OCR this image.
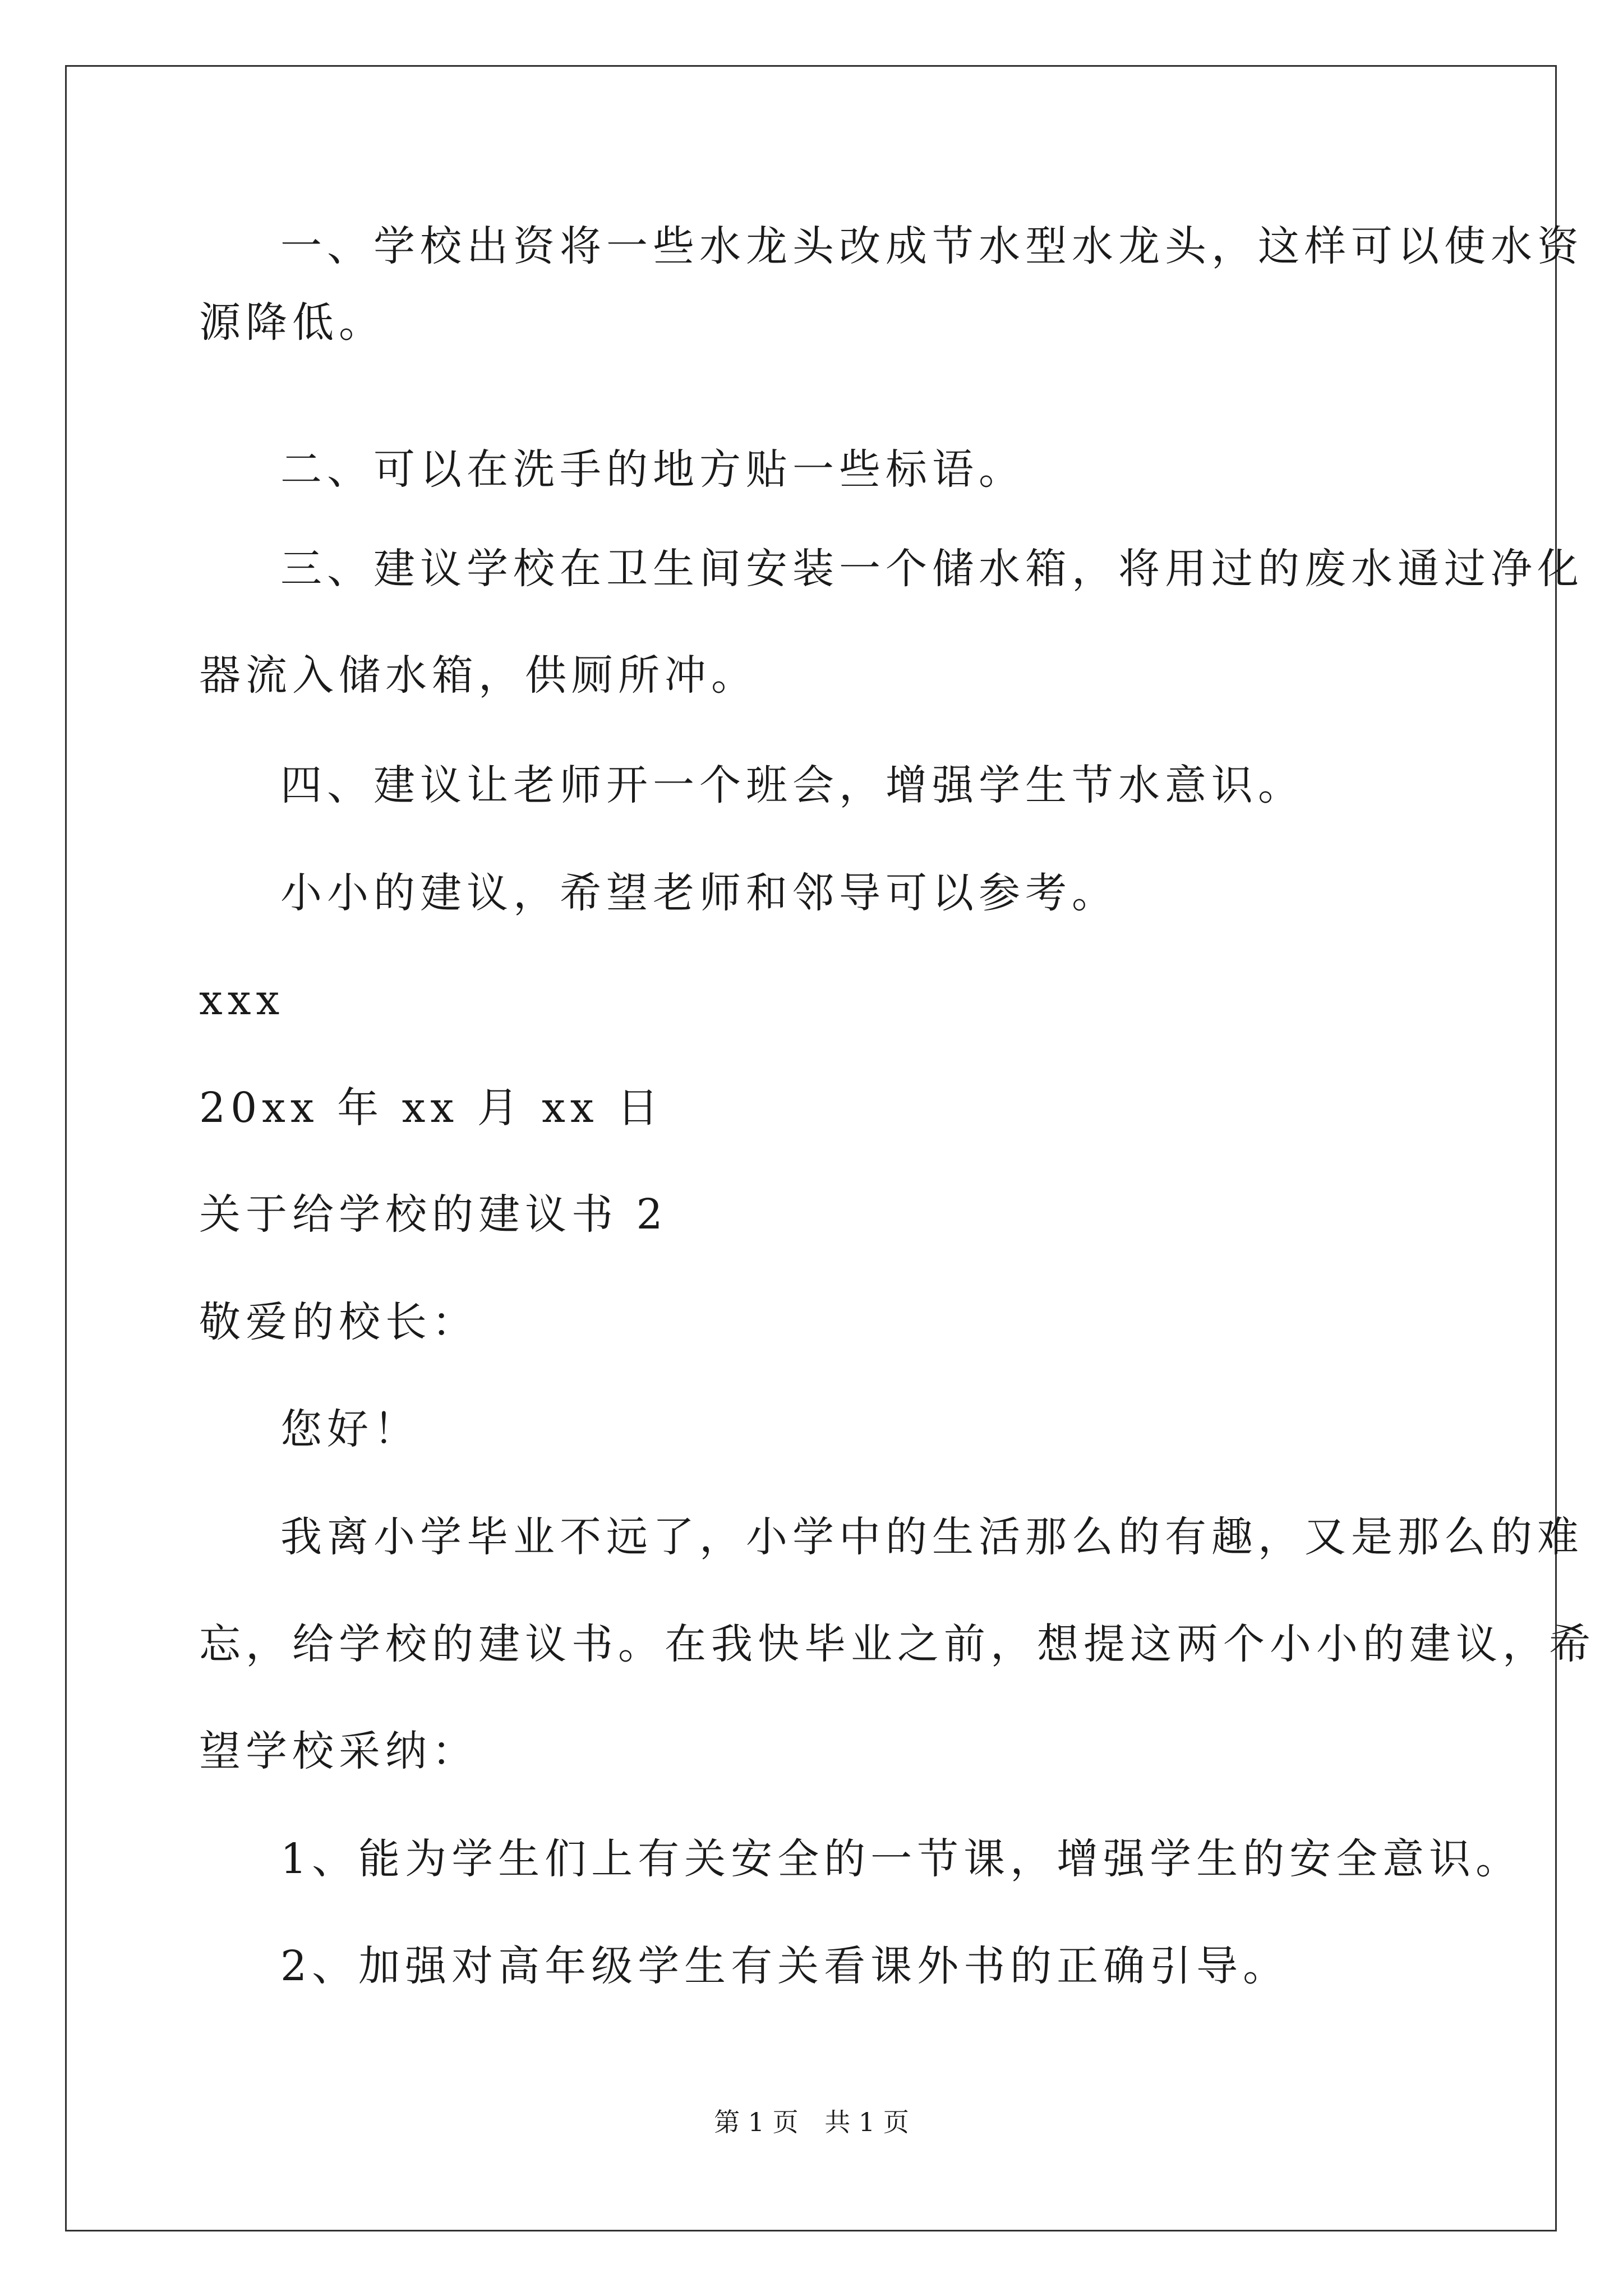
一、学校出资将一些水龙头改成节水型水龙头，这样可以使水资
源降低。
二、可以在洗手的地方贴一些标语。
三、建议学校在卫生间安装一个储水箱，将用过的废水通过净化
器流入储水箱，供厕所冲。
四、建议让老师开一个班会，增强学生节水意识。
小小的建议，希望老师和邻导可以参考。
xxx
20xx 年 xx 月 xx 日
关于给学校的建议书 2
敬爱的校长：
您好！
我离小学毕业不远了，小学中的生活那么的有趣，又是那么的难
忘，给学校的建议书。在我快毕业之前，想提这两个小小的建议，希
望学校采纳：
1、能为学生们上有关安全的一节课，增强学生的安全意识。
2、加强对高年级学生有关看课外书的正确引导。
第 1 页 共 1 页
